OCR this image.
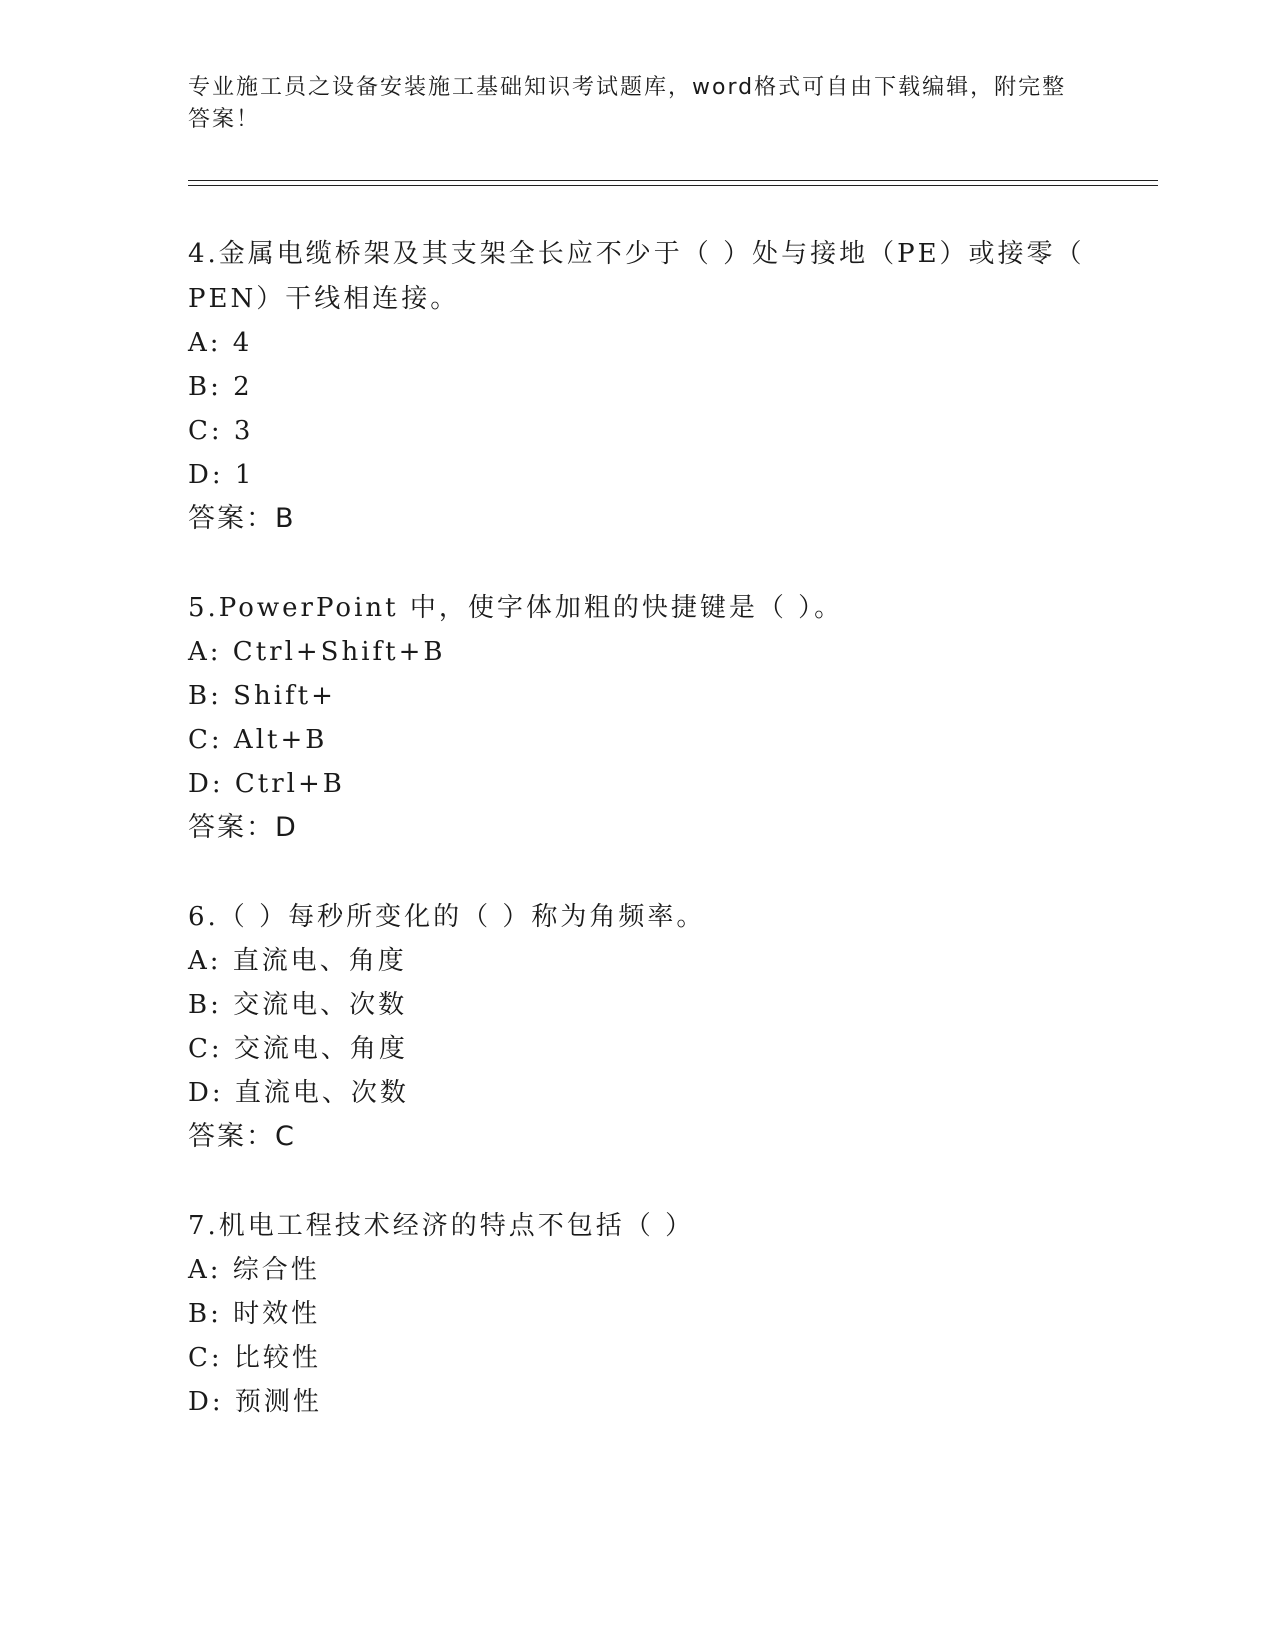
专业施工员之设备安装施工基础知识考试题库，word格式可自由下载编辑，附完整答案！
4.金属电缆桥架及其支架全长应不少于（ ）处与接地（PE）或接零（
PEN）干线相连接。
A: 4
B: 2
C: 3
D: 1
答案：B
5.PowerPoint 中，使字体加粗的快捷键是（ ）。
A: Ctrl+Shift+B
B: Shift+
C: Alt+B
D: Ctrl+B
答案：D
6.（ ）每秒所变化的（ ）称为角频率。
A: 直流电、角度
B: 交流电、次数
C: 交流电、角度
D: 直流电、次数
答案：C
7.机电工程技术经济的特点不包括（ ）
A: 综合性
B: 时效性
C: 比较性
D: 预测性
